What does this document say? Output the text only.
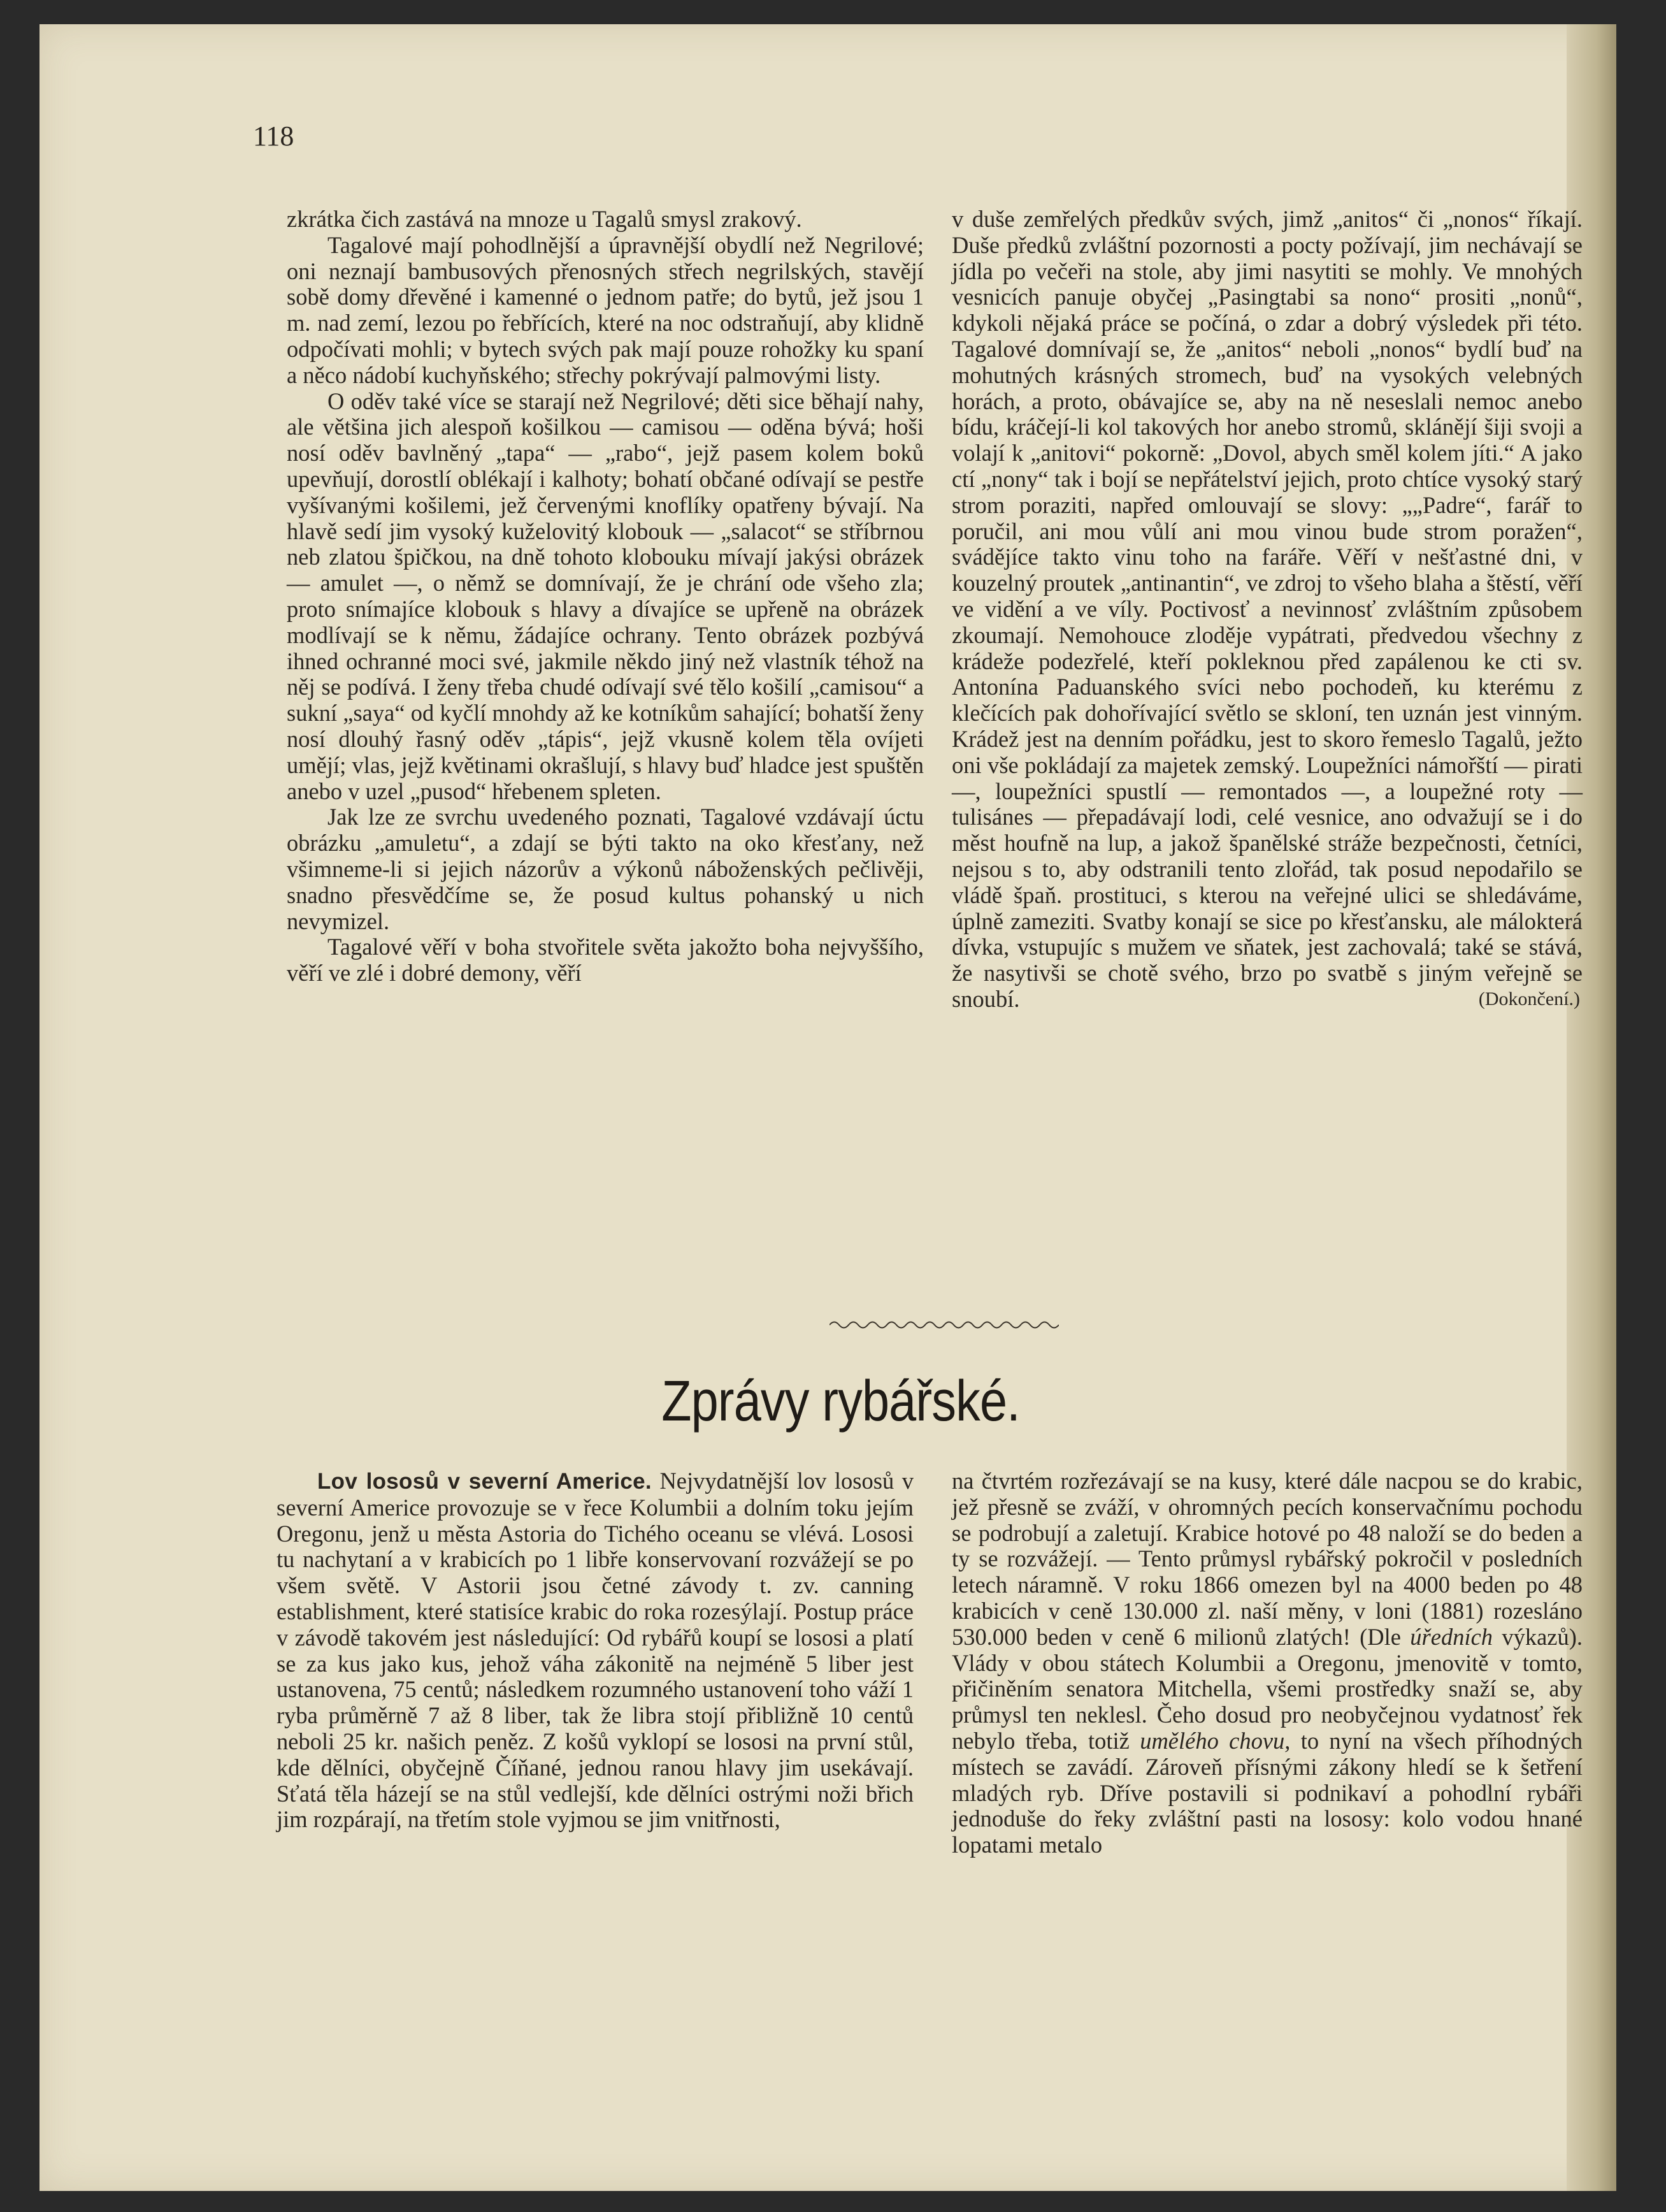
118

zkrátka čich zastává na mnoze u Tagalů smysl zrakový.

Tagalové mají pohodlnější a úpravnější obydlí než Negrilové; oni neznají bambusových přenosných střech negrilských, stavějí sobě domy dřevěné i kamenné o jednom patře; do bytů, jež jsou 1 m. nad zemí, lezou po řebřících, které na noc odstraňují, aby klidně odpočívati mohli; v bytech svých pak mají pouze rohožky ku spaní a něco nádobí kuchyňského; střechy pokrývají palmovými listy.

O oděv také více se starají než Negrilové; děti sice běhají nahy, ale většina jich alespoň košilkou — camisou — oděna bývá; hoši nosí oděv bavlněný „tapa“ — „rabo“, jejž pasem kolem boků upevňují, dorostlí oblékají i kalhoty; bohatí občané odívají se pestře vyšívanými košilemi, jež červenými knoflíky opatřeny bývají. Na hlavě sedí jim vysoký kuželovitý klobouk — „salacot“ se stříbrnou neb zlatou špičkou, na dně tohoto klobouku mívají jakýsi obrázek — amulet —, o němž se domnívají, že je chrání ode všeho zla; proto snímajíce klobouk s hlavy a dívajíce se upřeně na obrázek modlívají se k němu, žádajíce ochrany. Tento obrázek pozbývá ihned ochranné moci své, jakmile někdo jiný než vlastník téhož na něj se podívá. I ženy třeba chudé odívají své tělo košilí „camisou“ a sukní „saya“ od kyčlí mnohdy až ke kotníkům sahající; bohatší ženy nosí dlouhý řasný oděv „tápis“, jejž vkusně kolem těla ovíjeti umějí; vlas, jejž květinami okrašlují, s hlavy buď hladce jest spuštěn anebo v uzel „pusod“ hřebenem spleten.

Jak lze ze svrchu uvedeného poznati, Tagalové vzdávají úctu obrázku „amuletu“, a zdají se býti takto na oko křesťany, než všimneme-li si jejich názorův a výkonů náboženských pečlivěji, snadno přesvědčíme se, že posud kultus pohanský u nich nevymizel.

Tagalové věří v boha stvořitele světa jakožto boha nejvyššího, věří ve zlé i dobré demony, věří

v duše zemřelých předkův svých, jimž „anitos“ či „nonos“ říkají. Duše předků zvláštní pozornosti a pocty požívají, jim nechávají se jídla po večeři na stole, aby jimi nasytiti se mohly. Ve mnohých vesnicích panuje obyčej „Pasingtabi sa nono“ prositi „nonů“, kdykoli nějaká práce se počíná, o zdar a dobrý výsledek při této. Tagalové domnívají se, že „anitos“ neboli „nonos“ bydlí buď na mohutných krásných stromech, buď na vysokých velebných horách, a proto, obávajíce se, aby na ně neseslali nemoc anebo bídu, kráčejí-li kol takových hor anebo stromů, sklánějí šiji svoji a volají k „anitovi“ pokorně: „Dovol, abych směl kolem jíti.“ A jako ctí „nony“ tak i bojí se nepřátelství jejich, proto chtíce vysoký starý strom poraziti, napřed omlouvají se slovy: „„Padre“, farář to poručil, ani mou vůlí ani mou vinou bude strom poražen“, svádějíce takto vinu toho na faráře. Věří v nešťastné dni, v kouzelný proutek „antinantin“, ve zdroj to všeho blaha a štěstí, věří ve vidění a ve víly. Poctivosť a nevinnosť zvláštním způsobem zkoumají. Nemohouce zloděje vypátrati, předvedou všechny z krádeže podezřelé, kteří pokleknou před zapálenou ke cti sv. Antonína Paduanského svíci nebo pochodeň, ku kterému z klečících pak dohořívající světlo se skloní, ten uznán jest vinným. Krádež jest na denním pořádku, jest to skoro řemeslo Tagalů, ježto oni vše pokládají za majetek zemský. Loupežníci námořští — pirati —, loupežníci spustlí — remontados —, a loupežné roty — tulisánes — přepadávají lodi, celé vesnice, ano odvažují se i do měst houfně na lup, a jakož španělské stráže bezpečnosti, četníci, nejsou s to, aby odstranili tento zlořád, tak posud nepodařilo se vládě špaň. prostituci, s kterou na veřejné ulici se shledáváme, úplně zameziti. Svatby konají se sice po křesťansku, ale málokterá dívka, vstupujíc s mužem ve sňatek, jest zachovalá; také se stává, že nasytivši se chotě svého, brzo po svatbě s jiným veřejně se snoubí.	(Dokončení.)

Zprávy rybářské.

Lov lososů v severní Americe. Nejvydatnější lov lososů v severní Americe provozuje se v řece Kolumbii a dolním toku jejím Oregonu, jenž u města Astoria do Tichého oceanu se vlévá. Lososi tu nachytaní a v krabicích po 1 libře konservovaní rozvážejí se po všem světě. V Astorii jsou četné závody t. zv. canning establishment, které statisíce krabic do roka rozesýlají. Postup práce v závodě takovém jest následující: Od rybářů koupí se lososi a platí se za kus jako kus, jehož váha zákonitě na nejméně 5 liber jest ustanovena, 75 centů; následkem rozumného ustanovení toho váží 1 ryba průměrně 7 až 8 liber, tak že libra stojí přibližně 10 centů neboli 25 kr. našich peněz. Z košů vyklopí se lososi na první stůl, kde dělníci, obyčejně Číňané, jednou ranou hlavy jim usekávají. Sťatá těla házejí se na stůl vedlejší, kde dělníci ostrými noži břich jim rozpárají, na třetím stole vyjmou se jim vnitřnosti,

na čtvrtém rozřezávají se na kusy, které dále nacpou se do krabic, jež přesně se zváží, v ohromných pecích konservačnímu pochodu se podrobují a zaletují. Krabice hotové po 48 naloží se do beden a ty se rozvážejí. — Tento průmysl rybářský pokročil v posledních letech náramně. V roku 1866 omezen byl na 4000 beden po 48 krabicích v ceně 130.000 zl. naší měny, v loni (1881) rozesláno 530.000 beden v ceně 6 milionů zlatých! (Dle úředních výkazů). Vlády v obou státech Kolumbii a Oregonu, jmenovitě v tomto, přičiněním senatora Mitchella, všemi prostředky snaží se, aby průmysl ten neklesl. Čeho dosud pro neobyčejnou vydatnosť řek nebylo třeba, totiž umělého chovu, to nyní na všech příhodných místech se zavádí. Zároveň přísnými zákony hledí se k šetření mladých ryb. Dříve postavili si podnikaví a pohodlní rybáři jednoduše do řeky zvláštní pasti na lososy: kolo vodou hnané lopatami metalo
